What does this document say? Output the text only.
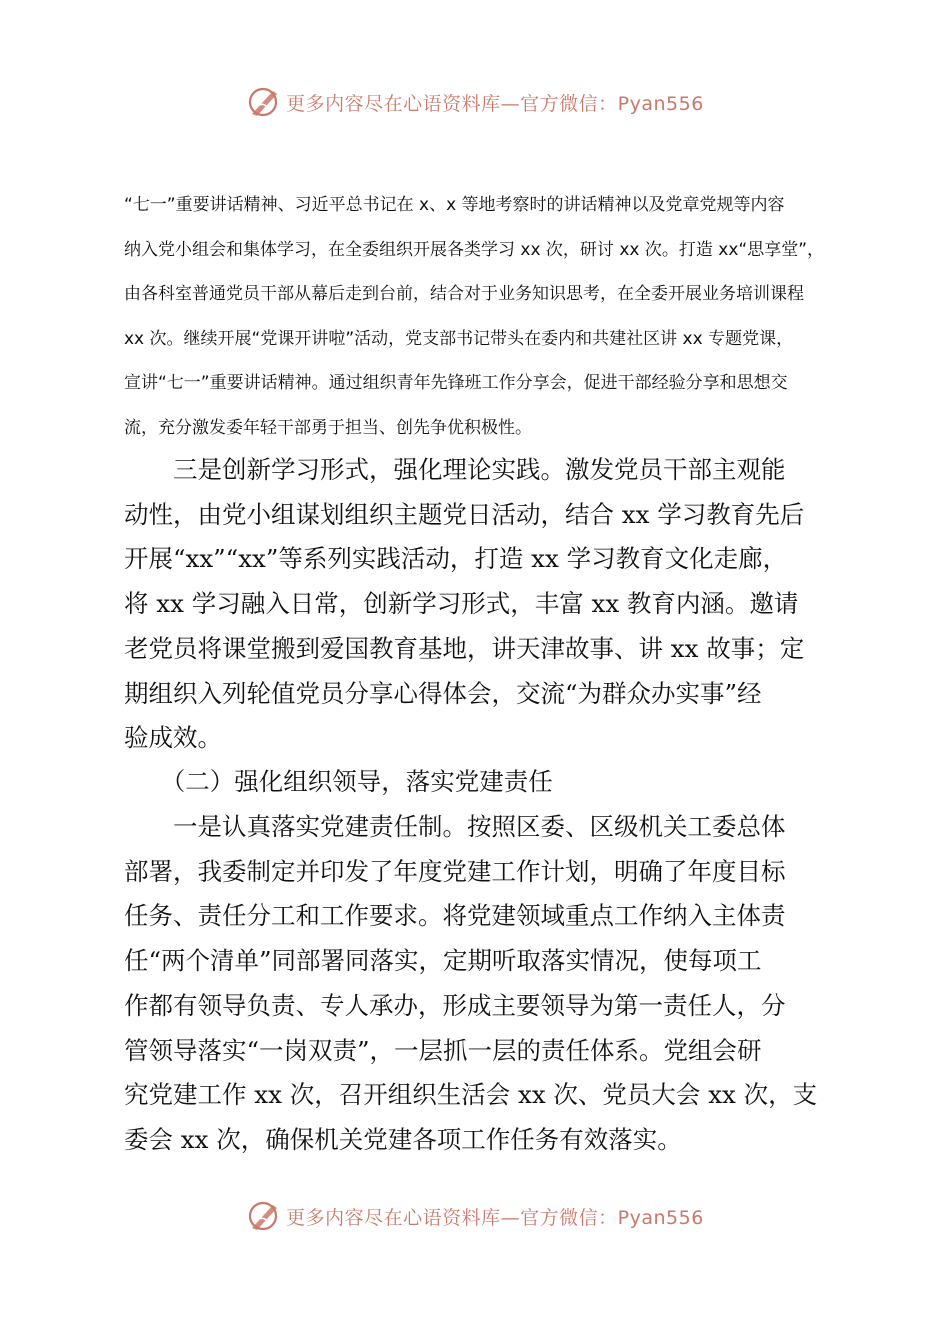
更多内容尽在心语资料库—官方微信：Pyan556
“七一”重要讲话精神、习近平总书记在 x、x 等地考察时的讲话精神以及党章党规等内容
纳入党小组会和集体学习，在全委组织开展各类学习 xx 次，研讨 xx 次。打造 xx“思享堂”，
由各科室普通党员干部从幕后走到台前，结合对于业务知识思考，在全委开展业务培训课程
xx 次。继续开展“党课开讲啦”活动，党支部书记带头在委内和共建社区讲 xx 专题党课，
宣讲“七一”重要讲话精神。通过组织青年先锋班工作分享会，促进干部经验分享和思想交
流，充分激发委年轻干部勇于担当、创先争优积极性。
　　三是创新学习形式，强化理论实践。激发党员干部主观能
动性，由党小组谋划组织主题党日活动，结合 xx 学习教育先后
开展“xx”“xx”等系列实践活动，打造 xx 学习教育文化走廊，
将 xx 学习融入日常，创新学习形式，丰富 xx 教育内涵。邀请
老党员将课堂搬到爱国教育基地，讲天津故事、讲 xx 故事；定
期组织入列轮值党员分享心得体会，交流“为群众办实事”经
验成效。
　　（二）强化组织领导，落实党建责任
　　一是认真落实党建责任制。按照区委、区级机关工委总体
部署，我委制定并印发了年度党建工作计划，明确了年度目标
任务、责任分工和工作要求。将党建领域重点工作纳入主体责
任“两个清单”同部署同落实，定期听取落实情况，使每项工
作都有领导负责、专人承办，形成主要领导为第一责任人，分
管领导落实“一岗双责”，一层抓一层的责任体系。党组会研
究党建工作 xx 次，召开组织生活会 xx 次、党员大会 xx 次，支
委会 xx 次，确保机关党建各项工作任务有效落实。
更多内容尽在心语资料库—官方微信：Pyan556
